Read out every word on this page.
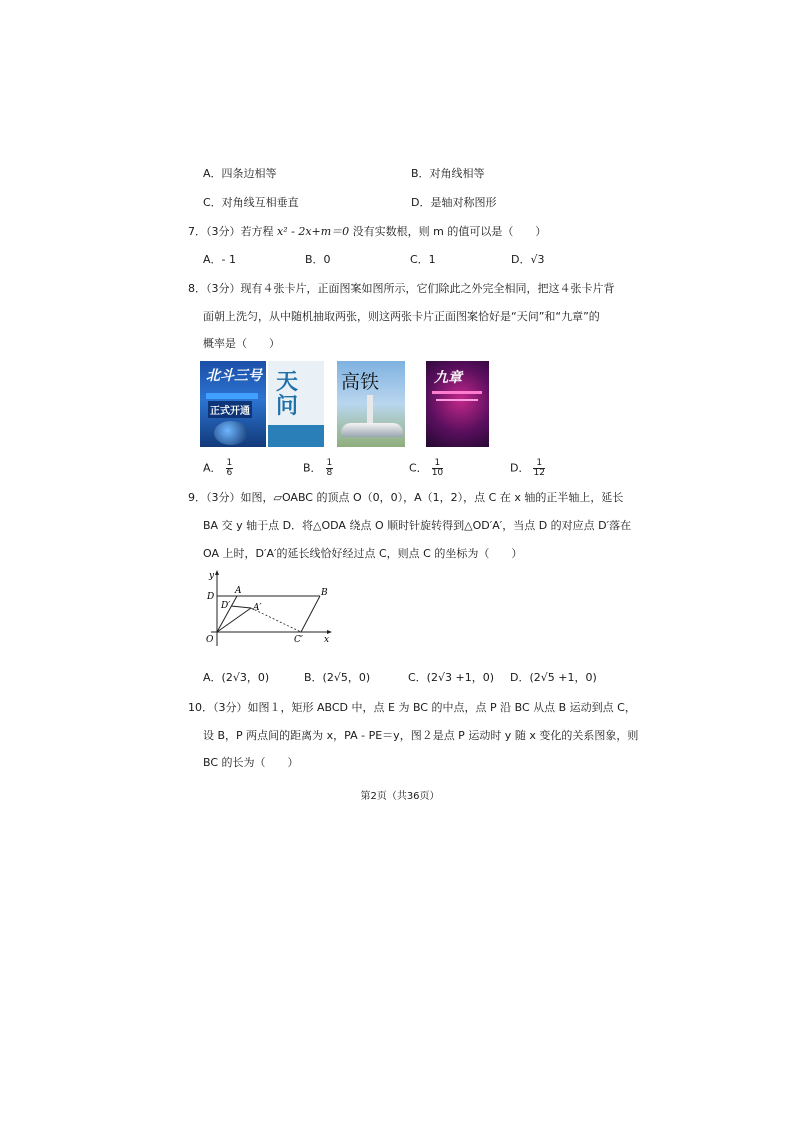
A．四条边相等	B．对角线相等
C．对角线互相垂直	D．是轴对称图形
7．（3分）若方程 x² - 2x+m＝0 没有实数根，则 m 的值可以是（　　）
A．- 1	B．0	C．1	D．√3
8．（3分）现有４张卡片，正面图案如图所示，它们除此之外完全相同，把这４张卡片背
面朝上洗匀，从中随机抽取两张，则这两张卡片正面图案恰好是“天问”和“九章”的
概率是（　　）
北斗三号
正式开通
天问
高铁	九章
A． $\frac{1}{6}$	B． $\frac{1}{8}$	C． $\frac{1}{10}$	D． $\frac{1}{12}$
9．（3分）如图，▱OABC 的顶点 O（0，0），A（1，2），点 C 在 x 轴的正半轴上，延长
BA 交 y 轴于点 D．将△ODA 绕点 O 顺时针旋转得到△OD′A′，当点 D 的对应点 D′落在
OA 上时，D′A′的延长线恰好经过点 C，则点 C 的坐标为（　　）
y
D
A
D′	A′
B
O	C′ x
A．(2√3，0)	B．(2√5，0)	C．(2√3 +1，0) D．(2√5 +1，0)
10．（3分）如图１，矩形 ABCD 中，点 E 为 BC 的中点，点 P 沿 BC 从点 B 运动到点 C，
设 B，P 两点间的距离为 x，PA - PE＝y，图２是点 P 运动时 y 随 x 变化的关系图象，则
BC 的长为（　　）
第2页（共36页）
